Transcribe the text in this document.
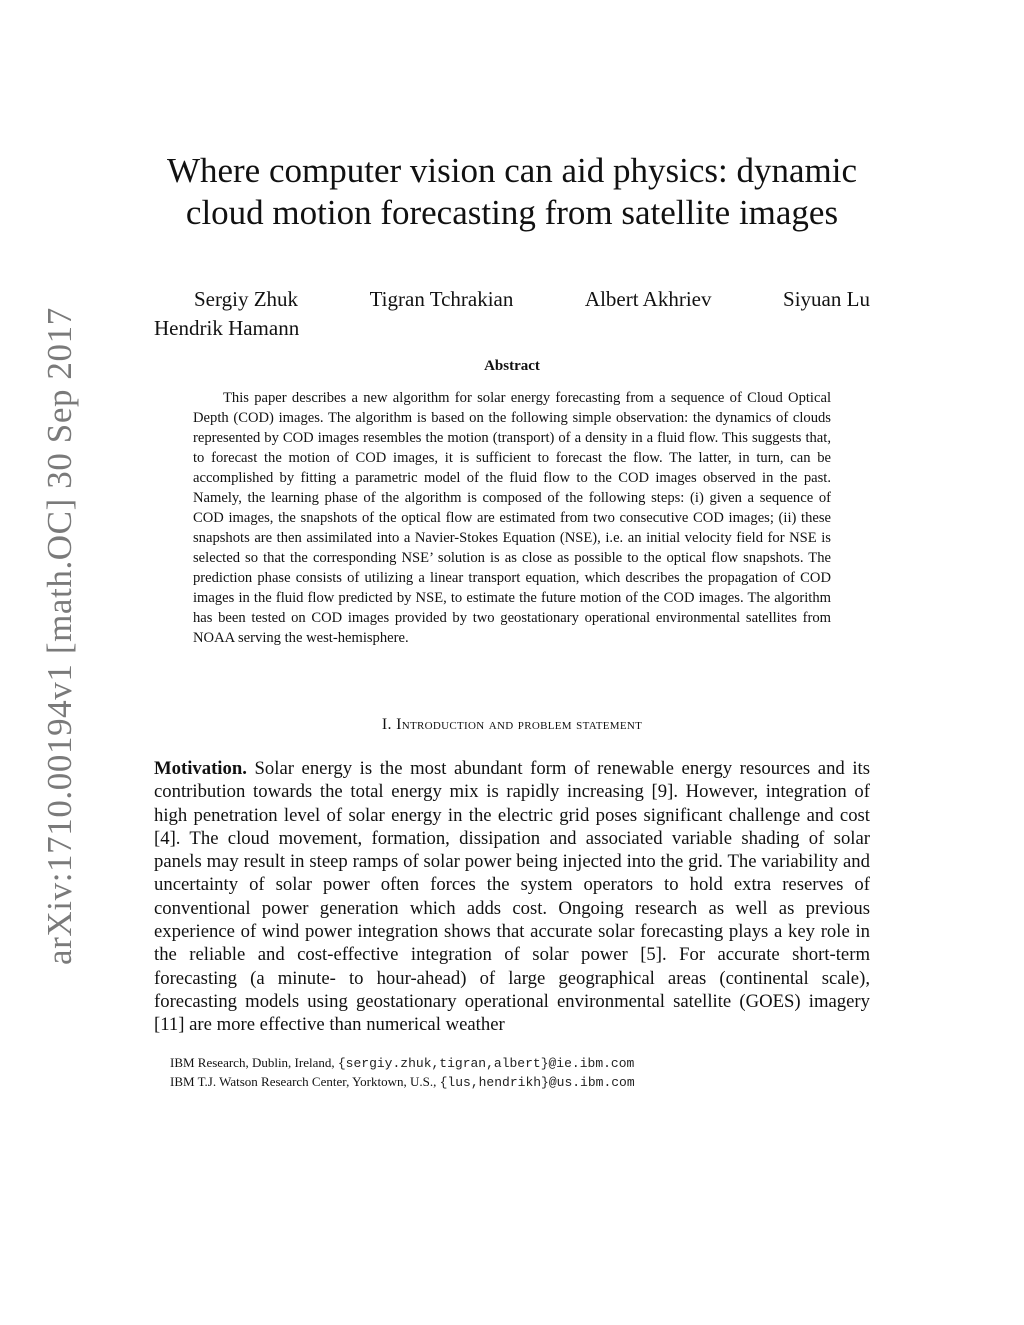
arXiv:1710.00194v1 [math.OC] 30 Sep 2017
Where computer vision can aid physics: dynamic cloud motion forecasting from satellite images
Sergiy Zhuk	Tigran Tchrakian	Albert Akhriev	Siyuan Lu
Hendrik Hamann
Abstract

This paper describes a new algorithm for solar energy forecasting from a sequence of Cloud Optical Depth (COD) images. The algorithm is based on the following simple observation: the dynamics of clouds represented by COD images resembles the motion (transport) of a density in a fluid flow. This suggests that, to forecast the motion of COD images, it is sufficient to forecast the flow. The latter, in turn, can be accomplished by fitting a parametric model of the fluid flow to the COD images observed in the past. Namely, the learning phase of the algorithm is composed of the following steps: (i) given a sequence of COD images, the snapshots of the optical flow are estimated from two consecutive COD images; (ii) these snapshots are then assimilated into a Navier-Stokes Equation (NSE), i.e. an initial velocity field for NSE is selected so that the corresponding NSE’ solution is as close as possible to the optical flow snapshots. The prediction phase consists of utilizing a linear transport equation, which describes the propagation of COD images in the fluid flow predicted by NSE, to estimate the future motion of the COD images. The algorithm has been tested on COD images provided by two geostationary operational environmental satellites from NOAA serving the west-hemisphere.

I. Introduction and problem statement

Motivation. Solar energy is the most abundant form of renewable energy resources and its contribution towards the total energy mix is rapidly increasing [9]. However, integration of high penetration level of solar energy in the electric grid poses significant challenge and cost [4]. The cloud movement, formation, dissipation and associated variable shading of solar panels may result in steep ramps of solar power being injected into the grid. The variability and uncertainty of solar power often forces the system operators to hold extra reserves of conventional power generation which adds cost. Ongoing research as well as previous experience of wind power integration shows that accurate solar forecasting plays a key role in the reliable and cost-effective integration of solar power [5]. For accurate short-term forecasting (a minute- to hour-ahead) of large geographical areas (continental scale), forecasting models using geostationary operational environmental satellite (GOES) imagery [11] are more effective than numerical weather

IBM Research, Dublin, Ireland, {sergiy.zhuk,tigran,albert}@ie.ibm.com
IBM T.J. Watson Research Center, Yorktown, U.S., {lus,hendrikh}@us.ibm.com
